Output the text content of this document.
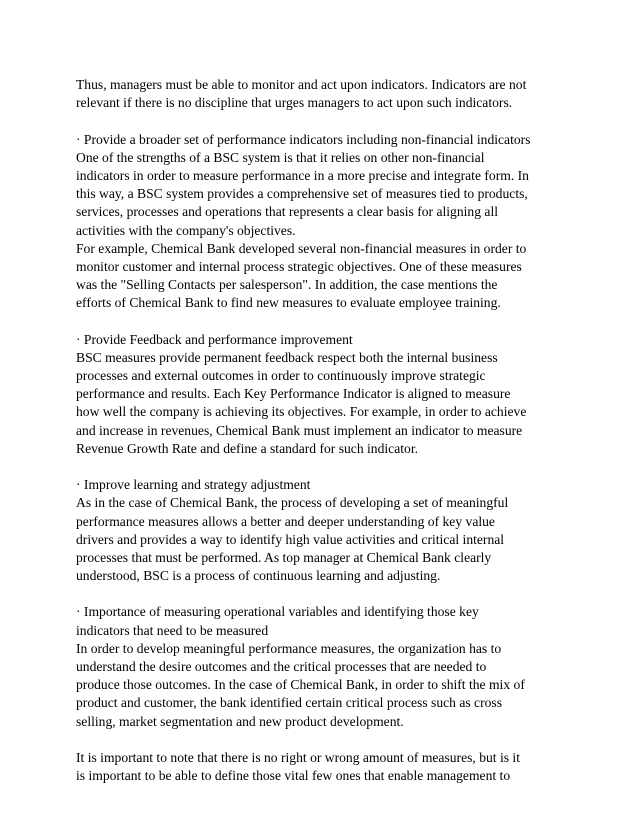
Thus, managers must be able to monitor and act upon indicators. Indicators are not
relevant if there is no discipline that urges managers to act upon such indicators.
· Provide a broader set of performance indicators including non-financial indicators
One of the strengths of a BSC system is that it relies on other non-financial
indicators in order to measure performance in a more precise and integrate form. In
this way, a BSC system provides a comprehensive set of measures tied to products,
services, processes and operations that represents a clear basis for aligning all
activities with the company's objectives.
For example, Chemical Bank developed several non-financial measures in order to
monitor customer and internal process strategic objectives. One of these measures
was the "Selling Contacts per salesperson". In addition, the case mentions the
efforts of Chemical Bank to find new measures to evaluate employee training.
· Provide Feedback and performance improvement
BSC measures provide permanent feedback respect both the internal business
processes and external outcomes in order to continuously improve strategic
performance and results. Each Key Performance Indicator is aligned to measure
how well the company is achieving its objectives. For example, in order to achieve
and increase in revenues, Chemical Bank must implement an indicator to measure
Revenue Growth Rate and define a standard for such indicator.
· Improve learning and strategy adjustment
As in the case of Chemical Bank, the process of developing a set of meaningful
performance measures allows a better and deeper understanding of key value
drivers and provides a way to identify high value activities and critical internal
processes that must be performed. As top manager at Chemical Bank clearly
understood, BSC is a process of continuous learning and adjusting.
· Importance of measuring operational variables and identifying those key
indicators that need to be measured
In order to develop meaningful performance measures, the organization has to
understand the desire outcomes and the critical processes that are needed to
produce those outcomes. In the case of Chemical Bank, in order to shift the mix of
product and customer, the bank identified certain critical process such as cross
selling, market segmentation and new product development.
It is important to note that there is no right or wrong amount of measures, but is it
is important to be able to define those vital few ones that enable management to
